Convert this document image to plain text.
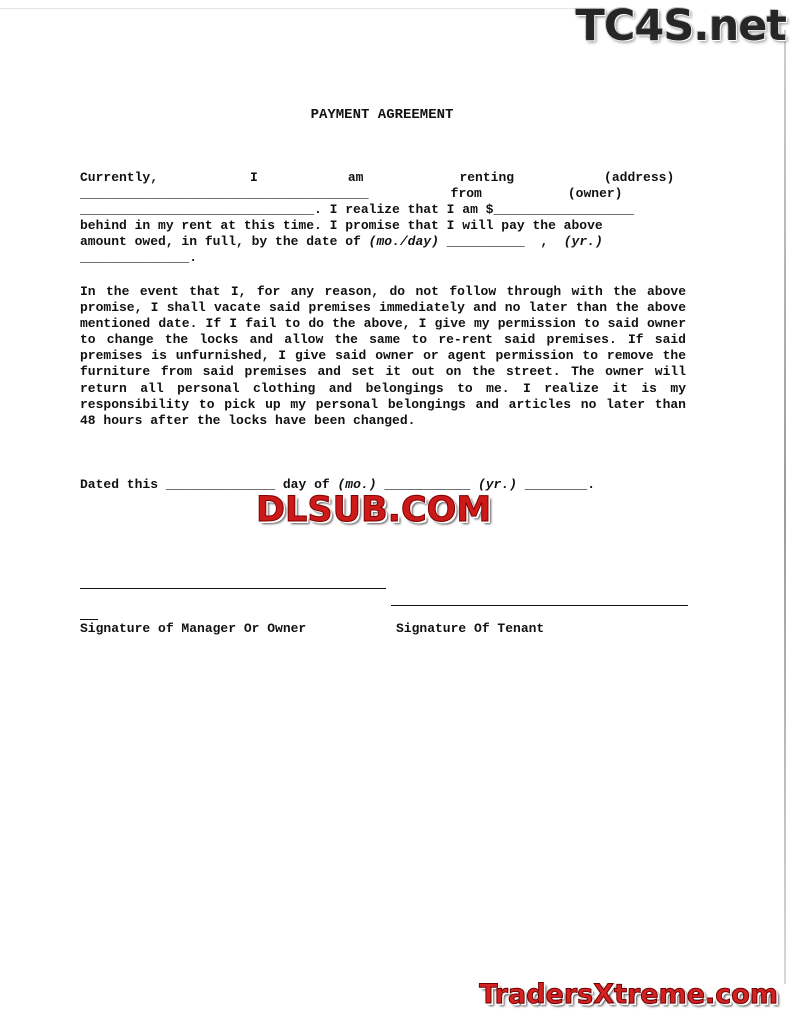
TC4S.net
PAYMENT AGREEMENT
Currently,	I	am	renting	(address)
_____________________________________	from	(owner)
______________________________. I realize that I am $__________________
behind in my rent at this time. I promise that I will pay the above
amount owed, in full, by the date of (mo./day) __________ , (yr.)
______________.

In the event that I, for any reason, do not follow through with the above promise, I shall vacate said premises immediately and no later than the above mentioned date. If I fail to do the above, I give my permission to said owner to change the locks and allow the same to re-rent said premises. If said premises is unfurnished, I give said owner or agent permission to remove the furniture from said premises and set it out on the street. The owner will return all personal clothing and belongings to me. I realize it is my responsibility to pick up my personal belongings and articles no later than 48 hours after the locks have been changed.

Dated this ______________ day of (mo.) ___________ (yr.) ________.
DLSUB.COM
Signature of Manager Or Owner	Signature Of Tenant
TradersXtreme.com
